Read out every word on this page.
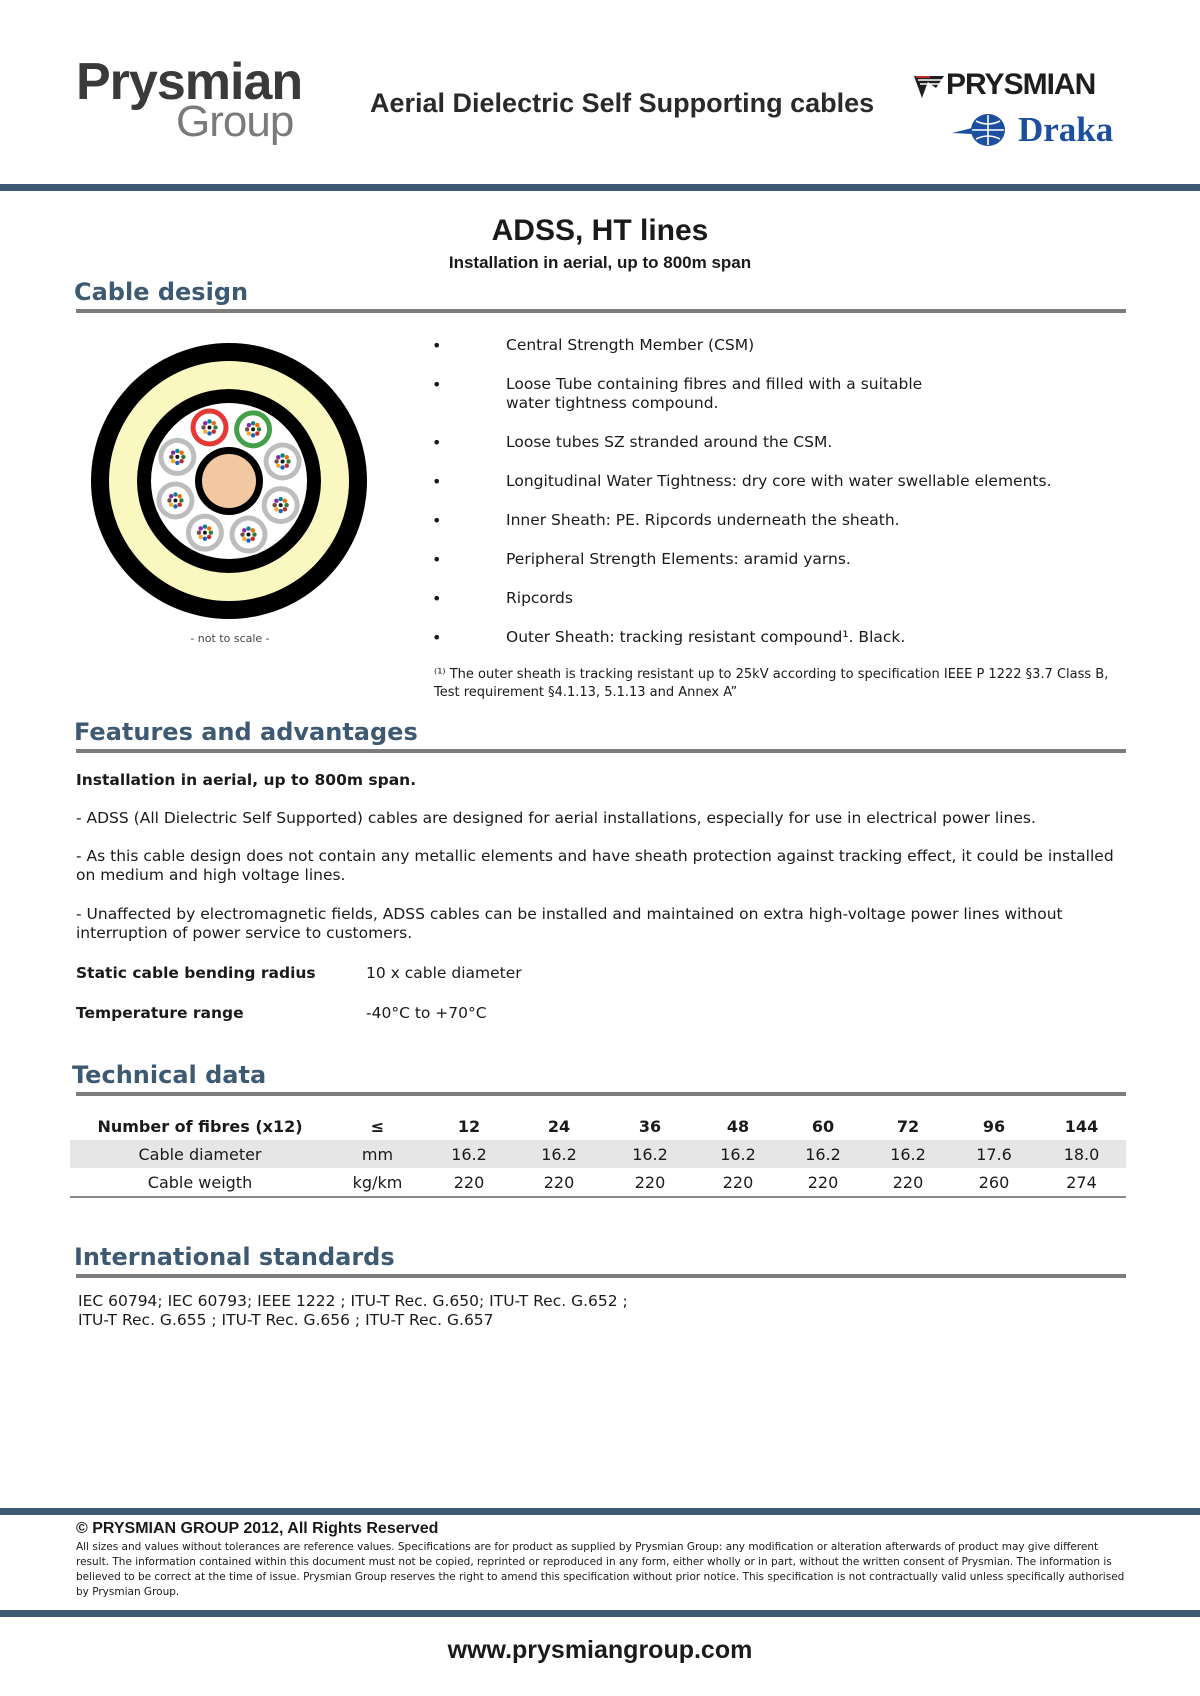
Prysmian
Group	Aerial Dielectric Self Supporting cables
PRYSMIAN
Draka
ADSS, HT lines
Installation in aerial, up to 800m span
Cable design
- not to scale -
•	Central Strength Member (CSM)
•	Loose Tube containing fibres and filled with a suitable water tightness compound.
•	Loose tubes SZ stranded around the CSM.
•	Longitudinal Water Tightness: dry core with water swellable elements.
•	Inner Sheath: PE. Ripcords underneath the sheath.
•	Peripheral Strength Elements: aramid yarns.
•	Ripcords
•	Outer Sheath: tracking resistant compound¹. Black.
⁽¹⁾ The outer sheath is tracking resistant up to 25kV according to specification IEEE P 1222 §3.7 Class B, Test requirement §4.1.13, 5.1.13 and Annex A”
Features and advantages
Installation in aerial, up to 800m span.
- ADSS (All Dielectric Self Supported) cables are designed for aerial installations, especially for use in electrical power lines.
- As this cable design does not contain any metallic elements and have sheath protection against tracking effect, it could be installed on medium and high voltage lines.
- Unaffected by electromagnetic fields, ADSS cables can be installed and maintained on extra high-voltage power lines without interruption of power service to customers.
Static cable bending radius	10 x cable diameter
Temperature range	-40°C to +70°C
Technical data
Number of fibres (x12)	≤	12	24	36	48	60	72	96	144
Cable diameter	mm	16.2	16.2	16.2	16.2	16.2	16.2	17.6	18.0
Cable weigth	kg/km	220	220	220	220	220	220	260	274
International standards
IEC 60794; IEC 60793; IEEE 1222 ; ITU-T Rec. G.650; ITU-T Rec. G.652 ;
ITU-T Rec. G.655 ; ITU-T Rec. G.656 ; ITU-T Rec. G.657
© PRYSMIAN GROUP 2012, All Rights Reserved
All sizes and values without tolerances are reference values. Specifications are for product as supplied by Prysmian Group: any modification or alteration afterwards of product may give different result. The information contained within this document must not be copied, reprinted or reproduced in any form, either wholly or in part, without the written consent of Prysmian. The information is believed to be correct at the time of issue. Prysmian Group reserves the right to amend this specification without prior notice. This specification is not contractually valid unless specifically authorised by Prysmian Group.
www.prysmiangroup.com
